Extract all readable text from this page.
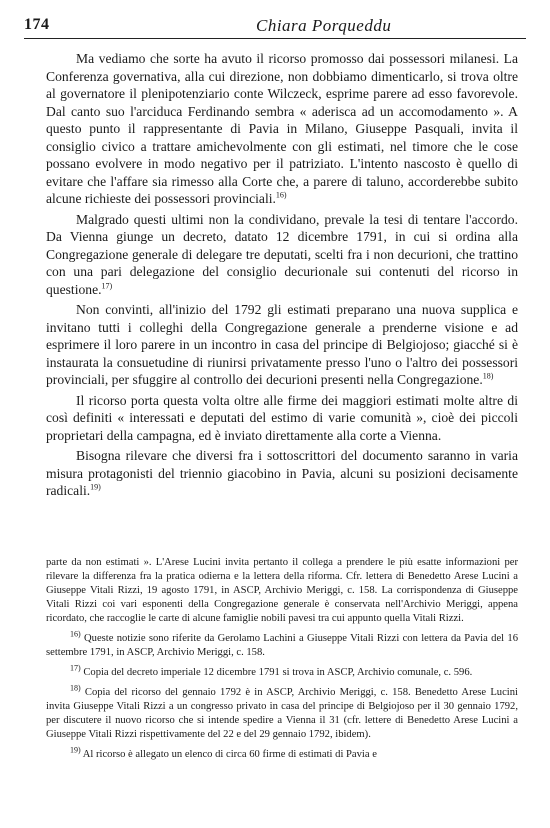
174	Chiara Porqueddu

Ma vediamo che sorte ha avuto il ricorso promosso dai possessori milanesi. La Conferenza governativa, alla cui direzione, non dobbiamo dimenticarlo, si trova oltre al governatore il plenipotenziario conte Wilczeck, esprime parere ad esso favorevole. Dal canto suo l'arciduca Ferdinando sembra « aderisca ad un accomodamento ». A questo punto il rappresentante di Pavia in Milano, Giuseppe Pasquali, invita il consiglio civico a trattare amichevolmente con gli estimati, nel timore che le cose possano evolvere in modo negativo per il patriziato. L'intento nascosto è quello di evitare che l'affare sia rimesso alla Corte che, a parere di taluno, accorderebbe subito alcune richieste dei possessori provinciali.$^{16)}$

Malgrado questi ultimi non la condividano, prevale la tesi di tentare l'accordo. Da Vienna giunge un decreto, datato 12 dicembre 1791, in cui si ordina alla Congregazione generale di delegare tre deputati, scelti fra i non decurioni, che trattino con una pari delegazione del consiglio decurionale sui contenuti del ricorso in questione.$^{17)}$

Non convinti, all'inizio del 1792 gli estimati preparano una nuova supplica e invitano tutti i colleghi della Congregazione generale a prenderne visione e ad esprimere il loro parere in un incontro in casa del principe di Belgiojoso; giacché si è instaurata la consuetudine di riunirsi privatamente presso l'uno o l'altro dei possessori provinciali, per sfuggire al controllo dei decurioni presenti nella Congregazione.$^{18)}$

Il ricorso porta questa volta oltre alle firme dei maggiori estimati molte altre di così definiti « interessati e deputati del estimo di varie comunità », cioè dei piccoli proprietari della campagna, ed è inviato direttamente alla corte a Vienna.

Bisogna rilevare che diversi fra i sottoscrittori del documento saranno in varia misura protagonisti del triennio giacobino in Pavia, alcuni su posizioni decisamente radicali.$^{19)}$

parte da non estimati ». L'Arese Lucini invita pertanto il collega a prendere le più esatte informazioni per rilevare la differenza fra la pratica odierna e la lettera della riforma. Cfr. lettera di Benedetto Arese Lucini a Giuseppe Vitali Rizzi, 19 agosto 1791, in ASCP, Archivio Meriggi, c. 158. La corrispondenza di Giuseppe Vitali Rizzi coi vari esponenti della Congregazione generale è conservata nell'Archivio Meriggi, appena ricordato, che raccoglie le carte di alcune famiglie nobili pavesi tra cui appunto quella Vitali Rizzi.

$^{16)}$ Queste notizie sono riferite da Gerolamo Lachini a Giuseppe Vitali Rizzi con lettera da Pavia del 16 settembre 1791, in ASCP, Archivio Meriggi, c. 158.

$^{17)}$ Copia del decreto imperiale 12 dicembre 1791 si trova in ASCP, Archivio comunale, c. 596.

$^{18)}$ Copia del ricorso del gennaio 1792 è in ASCP, Archivio Meriggi, c. 158. Benedetto Arese Lucini invita Giuseppe Vitali Rizzi a un congresso privato in casa del principe di Belgiojoso per il 30 gennaio 1792, per discutere il nuovo ricorso che si intende spedire a Vienna il 31 (cfr. lettere di Benedetto Arese Lucini a Giuseppe Vitali Rizzi rispettivamente del 22 e del 29 gennaio 1792, ibidem).

$^{19)}$ Al ricorso è allegato un elenco di circa 60 firme di estimati di Pavia e
